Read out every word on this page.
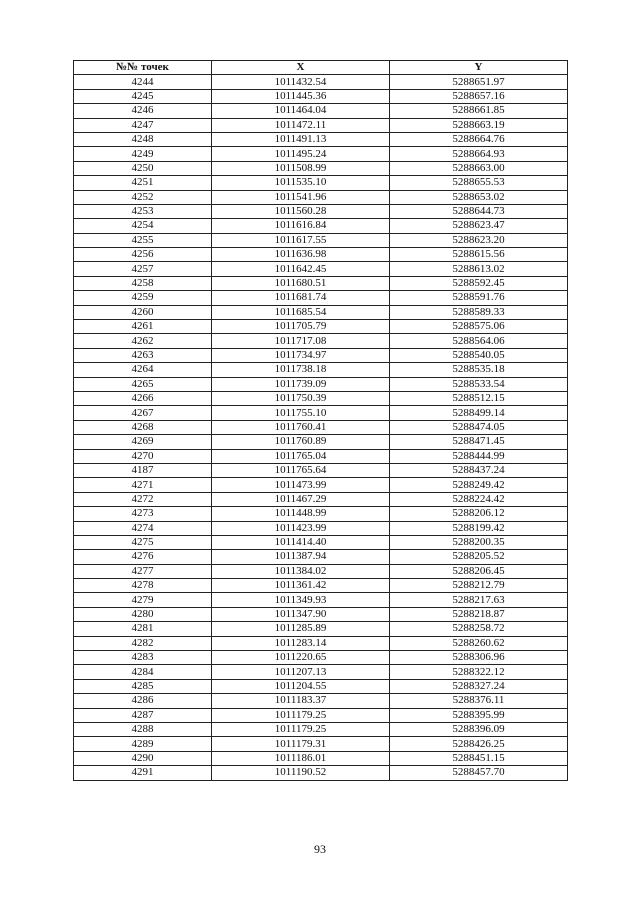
№№ точек	X	Y
4244	1011432.54	5288651.97
4245	1011445.36	5288657.16
4246	1011464.04	5288661.85
4247	1011472.11	5288663.19
4248	1011491.13	5288664.76
4249	1011495.24	5288664.93
4250	1011508.99	5288663.00
4251	1011535.10	5288655.53
4252	1011541.96	5288653.02
4253	1011560.28	5288644.73
4254	1011616.84	5288623.47
4255	1011617.55	5288623.20
4256	1011636.98	5288615.56
4257	1011642.45	5288613.02
4258	1011680.51	5288592.45
4259	1011681.74	5288591.76
4260	1011685.54	5288589.33
4261	1011705.79	5288575.06
4262	1011717.08	5288564.06
4263	1011734.97	5288540.05
4264	1011738.18	5288535.18
4265	1011739.09	5288533.54
4266	1011750.39	5288512.15
4267	1011755.10	5288499.14
4268	1011760.41	5288474.05
4269	1011760.89	5288471.45
4270	1011765.04	5288444.99
4187	1011765.64	5288437.24
4271	1011473.99	5288249.42
4272	1011467.29	5288224.42
4273	1011448.99	5288206.12
4274	1011423.99	5288199.42
4275	1011414.40	5288200.35
4276	1011387.94	5288205.52
4277	1011384.02	5288206.45
4278	1011361.42	5288212.79
4279	1011349.93	5288217.63
4280	1011347.90	5288218.87
4281	1011285.89	5288258.72
4282	1011283.14	5288260.62
4283	1011220.65	5288306.96
4284	1011207.13	5288322.12
4285	1011204.55	5288327.24
4286	1011183.37	5288376.11
4287	1011179.25	5288395.99
4288	1011179.25	5288396.09
4289	1011179.31	5288426.25
4290	1011186.01	5288451.15
4291	1011190.52	5288457.70
93
